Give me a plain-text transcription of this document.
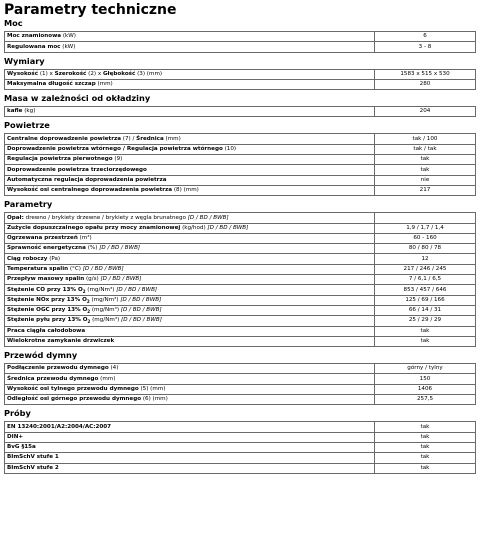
Parametry techniczne
Moc
Moc znamionowa (kW)	6
Regulowana moc (kW)	3 - 8
Wymiary
Wysokość (1) x Szerokość (2) x Głębokość (3) (mm)	1583 x 515 x 530
Maksymalna długość szczap (mm)	280
Masa w zależności od okładziny
kafle (kg)	204
Powietrze
Centralne doprowadzenie powietrza (7) / Średnica (mm)	tak / 100
Doprowadzenie powietrza wtórnego / Regulacja powietrza wtórnego (10)	tak / tak
Regulacja powietrza pierwotnego (9)	tak
Doprowadzenie powietrza trzeciorzędowego	tak
Automatyczna regulacja doprowadzenia powietrza	nie
Wysokość osi centralnego doprowadzenia powietrza (8) (mm)	217
Parametry
Opał: drewno / brykiety drzewne / brykiety z węgla brunatnego [D / BD / BWB]	
Zużycie dopuszczalnego opału przy mocy znamionowej (kg/hod) [D / BD / BWB]	1,9 / 1,7 / 1,4
Ogrzewana przestrzeń (m³)	60 - 160
Sprawność energetyczna (%) [D / BD / BWB]	80 / 80 / 78
Ciąg roboczy (Pa)	12
Temperatura spalin (°C) [D / BD / BWB]	217 / 246 / 245
Przepływ masowy spalin (g/s) [D / BD / BWB]	7 / 6,1 / 6,5
Stężenie CO przy 13% $O_2$ (mg/Nm³) [D / BD / BWB]	853 / 457 / 646
Stężenie NOx przy 13% $O_2$ (mg/Nm³) [D / BD / BWB]	125 / 69 / 166
Stężenie OGC przy 13% $O_2$ (mg/Nm³) [D / BD / BWB]	66 / 14 / 31
Stężenie pyłu przy 13% $O_2$ (mg/Nm³) [D / BD / BWB]	25 / 29 / 29
Praca ciągła całodobowa	tak
Wielokrotne zamykanie drzwiczek	tak
Przewód dymny
Podłączenie przewodu dymnego (4)	górny / tylny
Średnica przewodu dymnego (mm)	150
Wysokość osi tylnego przewodu dymnego (5) (mm)	1406
Odległość osi górnego przewodu dymnego (6) (mm)	257,5
Próby
EN 13240:2001/A2:2004/AC:2007	tak
DIN+	tak
BvG §15a	tak
BImSchV stufe 1	tak
BImSchV stufe 2	tak
